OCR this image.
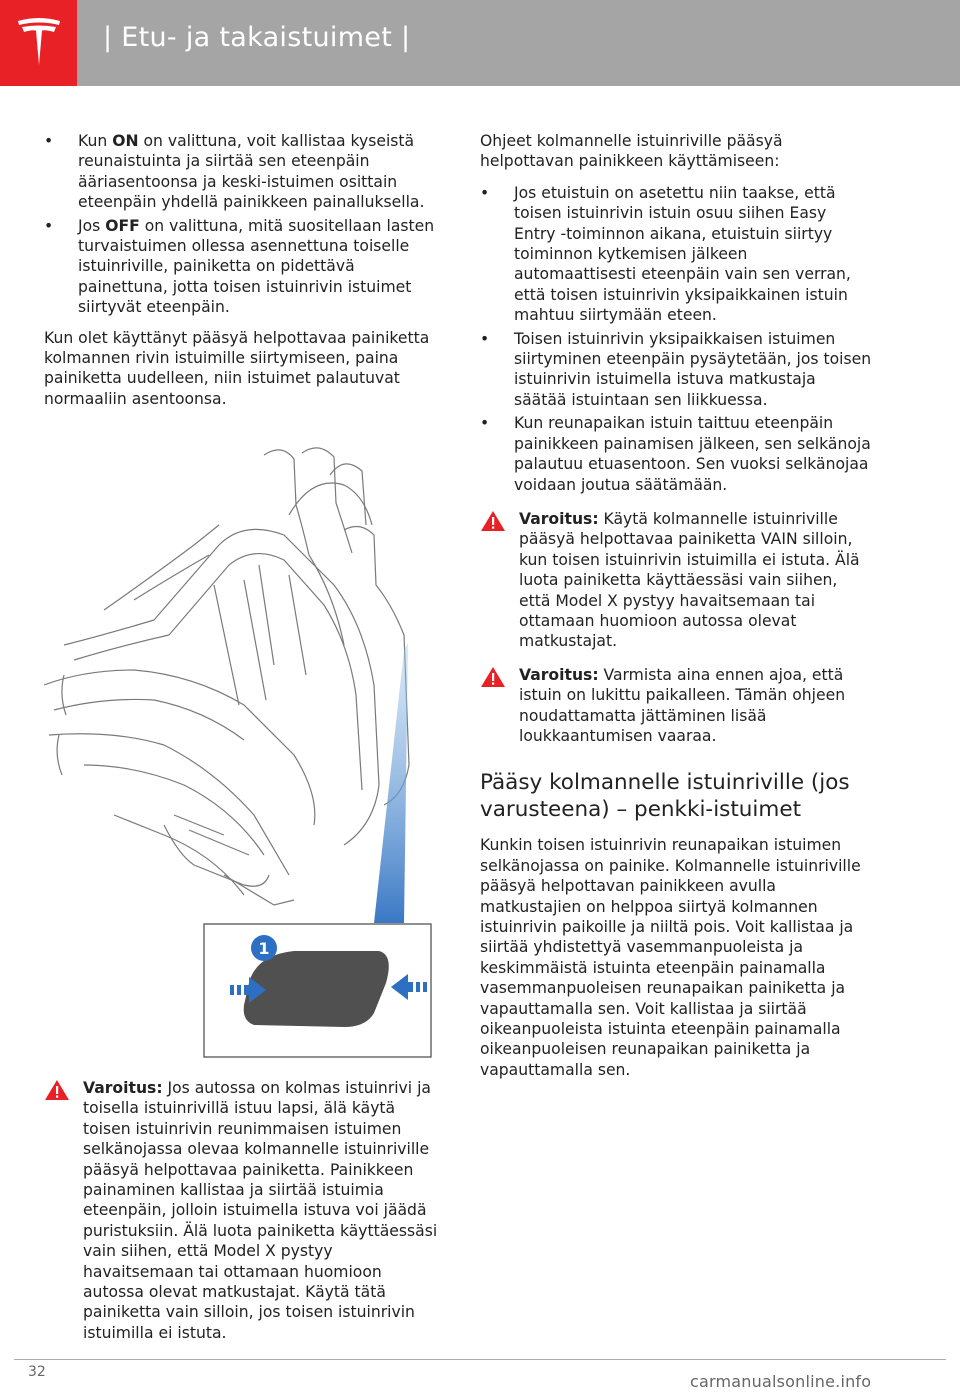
| Etu- ja takaistuimet |
• Kun ON on valittuna, voit kallistaa kyseistä reunaistuinta ja siirtää sen eteenpäin ääriasentoonsa ja keski-istuimen osittain eteenpäin yhdellä painikkeen painalluksella.
• Jos OFF on valittuna, mitä suositellaan lasten turvaistuimen ollessa asennettuna toiselle istuinriville, painiketta on pidettävä painettuna, jotta toisen istuinrivin istuimet siirtyvät eteenpäin.

Kun olet käyttänyt pääsyä helpottavaa painiketta kolmannen rivin istuimille siirtymiseen, paina painiketta uudelleen, niin istuimet palautuvat normaaliin asentoonsa.

1
Varoitus: Jos autossa on kolmas istuinrivi ja toisella istuinrivillä istuu lapsi, älä käytä toisen istuinrivin reunimmaisen istuimen selkänojassa olevaa kolmannelle istuinriville pääsyä helpottavaa painiketta. Painikkeen painaminen kallistaa ja siirtää istuimia eteenpäin, jolloin istuimella istuva voi jäädä puristuksiin. Älä luota painiketta käyttäessäsi vain siihen, että Model X pystyy havaitsemaan tai ottamaan huomioon autossa olevat matkustajat. Käytä tätä painiketta vain silloin, jos toisen istuinrivin istuimilla ei istuta.

Ohjeet kolmannelle istuinriville pääsyä helpottavan painikkeen käyttämiseen:

• Jos etuistuin on asetettu niin taakse, että toisen istuinrivin istuin osuu siihen Easy Entry -toiminnon aikana, etuistuin siirtyy toiminnon kytkemisen jälkeen automaattisesti eteenpäin vain sen verran, että toisen istuinrivin yksipaikkainen istuin mahtuu siirtymään eteen.
• Toisen istuinrivin yksipaikkaisen istuimen siirtyminen eteenpäin pysäytetään, jos toisen istuinrivin istuimella istuva matkustaja säätää istuintaan sen liikkuessa.
• Kun reunapaikan istuin taittuu eteenpäin painikkeen painamisen jälkeen, sen selkänoja palautuu etuasentoon. Sen vuoksi selkänojaa voidaan joutua säätämään.
Varoitus: Käytä kolmannelle istuinriville pääsyä helpottavaa painiketta VAIN silloin, kun toisen istuinrivin istuimilla ei istuta. Älä luota painiketta käyttäessäsi vain siihen, että Model X pystyy havaitsemaan tai ottamaan huomioon autossa olevat matkustajat.
Varoitus: Varmista aina ennen ajoa, että istuin on lukittu paikalleen. Tämän ohjeen noudattamatta jättäminen lisää loukkaantumisen vaaraa.
Pääsy kolmannelle istuinriville (jos varusteena) – penkki-istuimet

Kunkin toisen istuinrivin reunapaikan istuimen selkänojassa on painike. Kolmannelle istuinriville pääsyä helpottavan painikkeen avulla matkustajien on helppoa siirtyä kolmannen istuinrivin paikoille ja niiltä pois. Voit kallistaa ja siirtää yhdistettyä vasemmanpuoleista ja keskimmäistä istuinta eteenpäin painamalla vasemmanpuoleisen reunapaikan painiketta ja vapauttamalla sen. Voit kallistaa ja siirtää oikeanpuoleista istuinta eteenpäin painamalla oikeanpuoleisen reunapaikan painiketta ja vapauttamalla sen.

32	carmanualsonline.info
